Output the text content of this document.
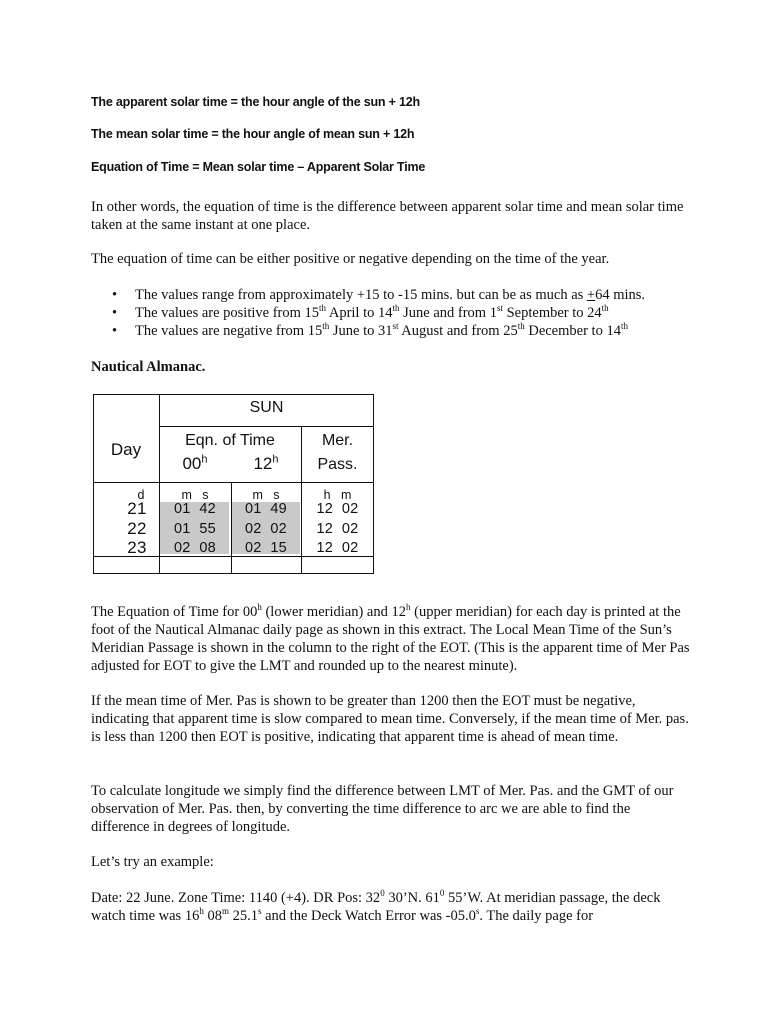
The apparent solar time = the hour angle of the sun + 12h
The mean solar time = the hour angle of mean sun + 12h
Equation of Time = Mean solar time – Apparent Solar Time

In other words, the equation of time is the difference between apparent solar time and mean solar time taken at the same instant at one place.

The equation of time can be either positive or negative depending on the time of the year.

• The values range from approximately +15 to -15 mins. but can be as much as +64 mins.
• The values are positive from 15th April to 14th June and from 1st September to 24th
• The values are negative from 15th June to 31st August and from 25th December to 14th
Nautical Almanac.
SUN
Day	Eqn. of Time	Mer.
Pass.
00$^h$	12$^h$
d	m   s	m   s	h   m
21	01  42	01  49	12  02
22	01  55	02  02	12  02
23	02  08	02  15	12  02

The Equation of Time for 00$^h$ (lower meridian) and 12$^h$ (upper meridian) for each day is printed at the foot of the Nautical Almanac daily page as shown in this extract. The Local Mean Time of the Sun’s Meridian Passage is shown in the column to the right of the EOT. (This is the apparent time of Mer Pas adjusted for EOT to give the LMT and rounded up to the nearest minute).

If the mean time of Mer. Pas is shown to be greater than 1200 then the EOT must be negative, indicating that apparent time is slow compared to mean time. Conversely, if the mean time of Mer. pas. is less than 1200 then EOT is positive, indicating that apparent time is ahead of mean time.

To calculate longitude we simply find the difference between LMT of Mer. Pas. and the GMT of our observation of Mer. Pas. then, by converting the time difference to arc we are able to find the difference in degrees of longitude.

Let’s try an example:

Date: 22 June. Zone Time: 1140 (+4). DR Pos: $32^0$ 30’N. $61^0$ 55’W. At meridian passage, the deck watch time was 16$^h$ 08$^m$ 25.1$^s$ and the Deck Watch Error was -05.0$^s$. The daily page for
